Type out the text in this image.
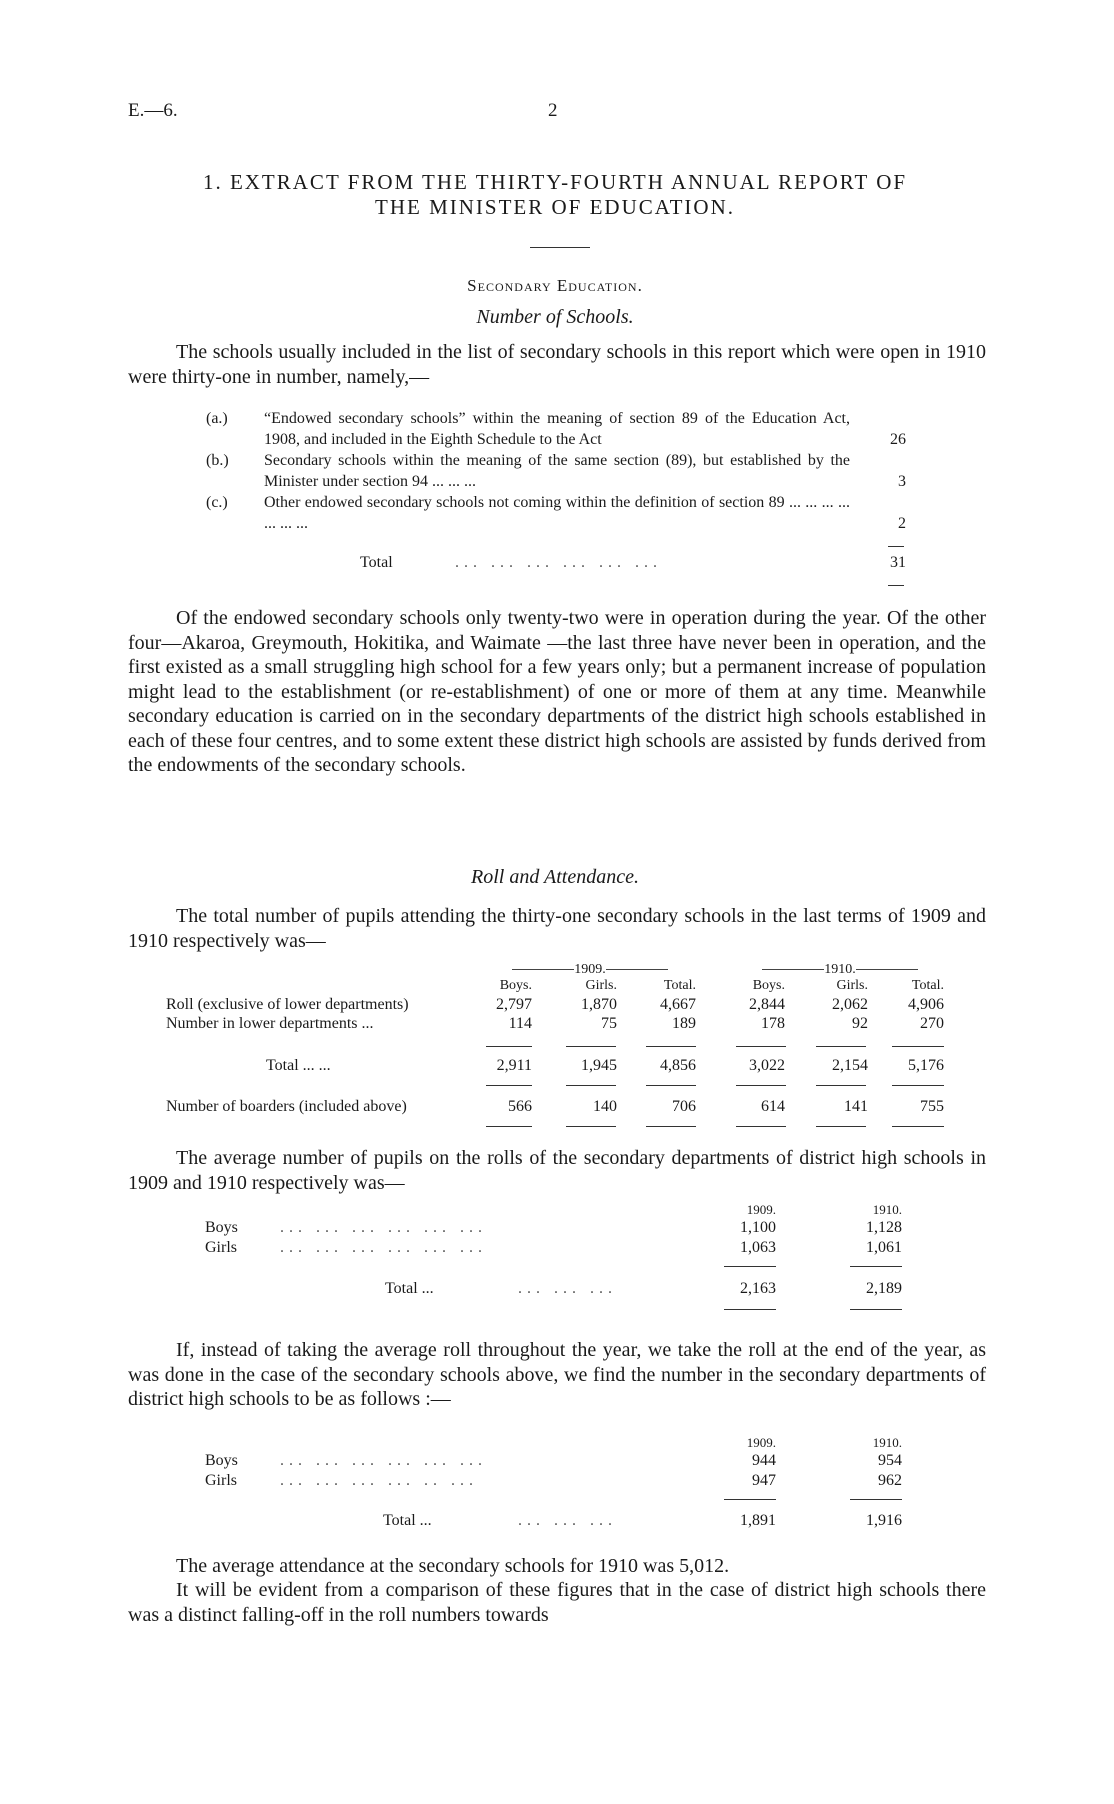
E.—6.	2
1. EXTRACT FROM THE THIRTY-FOURTH ANNUAL REPORT OF
THE MINISTER OF EDUCATION.
Secondary Education.
Number of Schools.
The schools usually included in the list of secondary schools in this report which were open in 1910 were thirty-one in number, namely,—
(a.)	“Endowed secondary schools” within the meaning of section 89 of the Education Act, 1908, and included in the Eighth Schedule to the Act	26
(b.)	Secondary schools within the meaning of the same section (89), but established by the Minister under section 94 ... ... ...	3
(c.)	Other endowed secondary schools not coming within the definition of section 89 ... ... ... ... ... ... ...	2
Total	... ... ... ... ... ...	31
Of the endowed secondary schools only twenty-two were in operation during the year. Of the other four—Akaroa, Greymouth, Hokitika, and Waimate —the last three have never been in operation, and the first existed as a small struggling high school for a few years only; but a permanent increase of population might lead to the establishment (or re-establishment) of one or more of them at any time. Meanwhile secondary education is carried on in the secondary departments of the district high schools established in each of these four centres, and to some extent these district high schools are assisted by funds derived from the endowments of the secondary schools.
Roll and Attendance.
The total number of pupils attending the thirty-one secondary schools in the last terms of 1909 and 1910 respectively was—
1909.	1910.
Boys.	Girls.	Total.	Boys.	Girls.	Total.
Roll (exclusive of lower departments)	2,797	1,870	4,667	2,844	2,062	4,906
Number in lower departments ...	114	75	189	178	92	270
Total ... ...	2,911	1,945	4,856	3,022	2,154	5,176
Number of boarders (included above)	566	140	706	614	141	755
The average number of pupils on the rolls of the secondary departments of district high schools in 1909 and 1910 respectively was—
1909.	1910.
Boys	... ... ... ... ... ...	1,100	1,128
Girls	... ... ... ... ... ...	1,063	1,061
Total ...	... ... ...	2,163	2,189
If, instead of taking the average roll throughout the year, we take the roll at the end of the year, as was done in the case of the secondary schools above, we find the number in the secondary departments of district high schools to be as follows :—
1909.	1910.
Boys	... ... ... ... ... ...	944	954
Girls	... ... ... ... .. ...	947	962
Total ...	... ... ...	1,891	1,916
The average attendance at the secondary schools for 1910 was 5,012.
It will be evident from a comparison of these figures that in the case of district high schools there was a distinct falling-off in the roll numbers towards
